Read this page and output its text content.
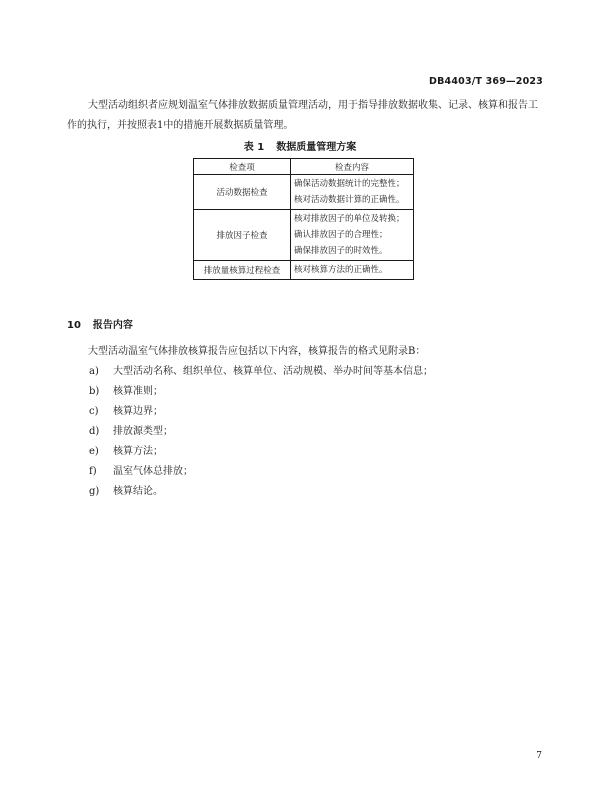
DB4403/T 369—2023

大型活动组织者应规划温室气体排放数据质量管理活动，用于指导排放数据收集、记录、核算和报告工作的执行，并按照表1中的措施开展数据质量管理。

表 1 数据质量管理方案
检查项	检查内容
活动数据检查	确保活动数据统计的完整性；
核对活动数据计算的正确性。

排放因子检查	核对排放因子的单位及转换；
确认排放因子的合理性；
确保排放因子的时效性。

排放量核算过程检查	核对核算方法的正确性。
10 报告内容

大型活动温室气体排放核算报告应包括以下内容，核算报告的格式见附录B：

a)	大型活动名称、组织单位、核算单位、活动规模、举办时间等基本信息；
b)	核算准则；
c)	核算边界；
d)	排放源类型；
e)	核算方法；
f)	温室气体总排放；
g)	核算结论。
7
